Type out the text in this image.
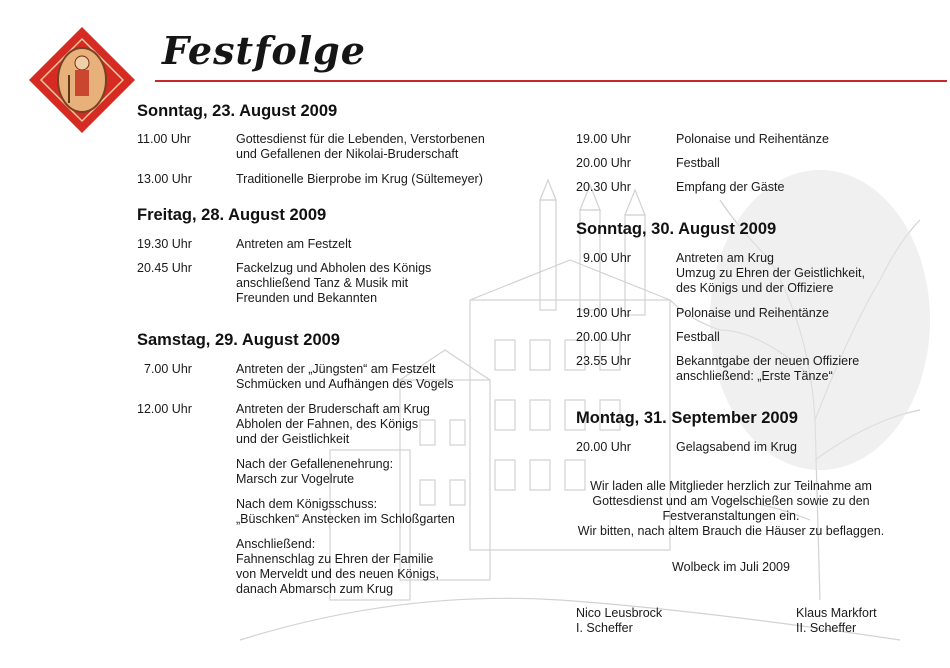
Festfolge
Sonntag, 23. August 2009
11.00 Uhr	Gottesdienst für die Lebenden, Verstorbenen
und Gefallenen der Nikolai-Bruderschaft
13.00 Uhr	Traditionelle Bierprobe im Krug (Sültemeyer)
Freitag, 28. August 2009
19.30 Uhr	Antreten am Festzelt
20.45 Uhr	Fackelzug und Abholen des Königs
anschließend Tanz & Musik mit
Freunden und Bekannten
Samstag, 29. August 2009
7.00 Uhr	Antreten der „Jüngsten“ am Festzelt
Schmücken und Aufhängen des Vogels
12.00 Uhr	Antreten der Bruderschaft am Krug
Abholen der Fahnen, des Königs
und der Geistlichkeit
Nach der Gefallenenehrung:
Marsch zur Vogelrute
Nach dem Königsschuss:
„Büschken“ Anstecken im Schloßgarten
Anschließend:
Fahnenschlag zu Ehren der Familie
von Merveldt und des neuen Königs,
danach Abmarsch zum Krug
19.00 Uhr	Polonaise und Reihentänze
20.00 Uhr	Festball
20.30 Uhr	Empfang der Gäste
Sonntag, 30. August 2009
9.00 Uhr	Antreten am Krug
Umzug zu Ehren der Geistlichkeit,
des Königs und der Offiziere
19.00 Uhr	Polonaise und Reihentänze
20.00 Uhr	Festball
23.55 Uhr	Bekanntgabe der neuen Offiziere
anschließend: „Erste Tänze“
Montag, 31. September 2009
20.00 Uhr	Gelagsabend im Krug
Wir laden alle Mitglieder herzlich zur Teilnahme am
Gottesdienst und am Vogelschießen sowie zu den
Festveranstaltungen ein.
Wir bitten, nach altem Brauch die Häuser zu beflaggen.
Wolbeck im Juli 2009
Nico Leusbrock
I. Scheffer
Klaus Markfort
II. Scheffer
